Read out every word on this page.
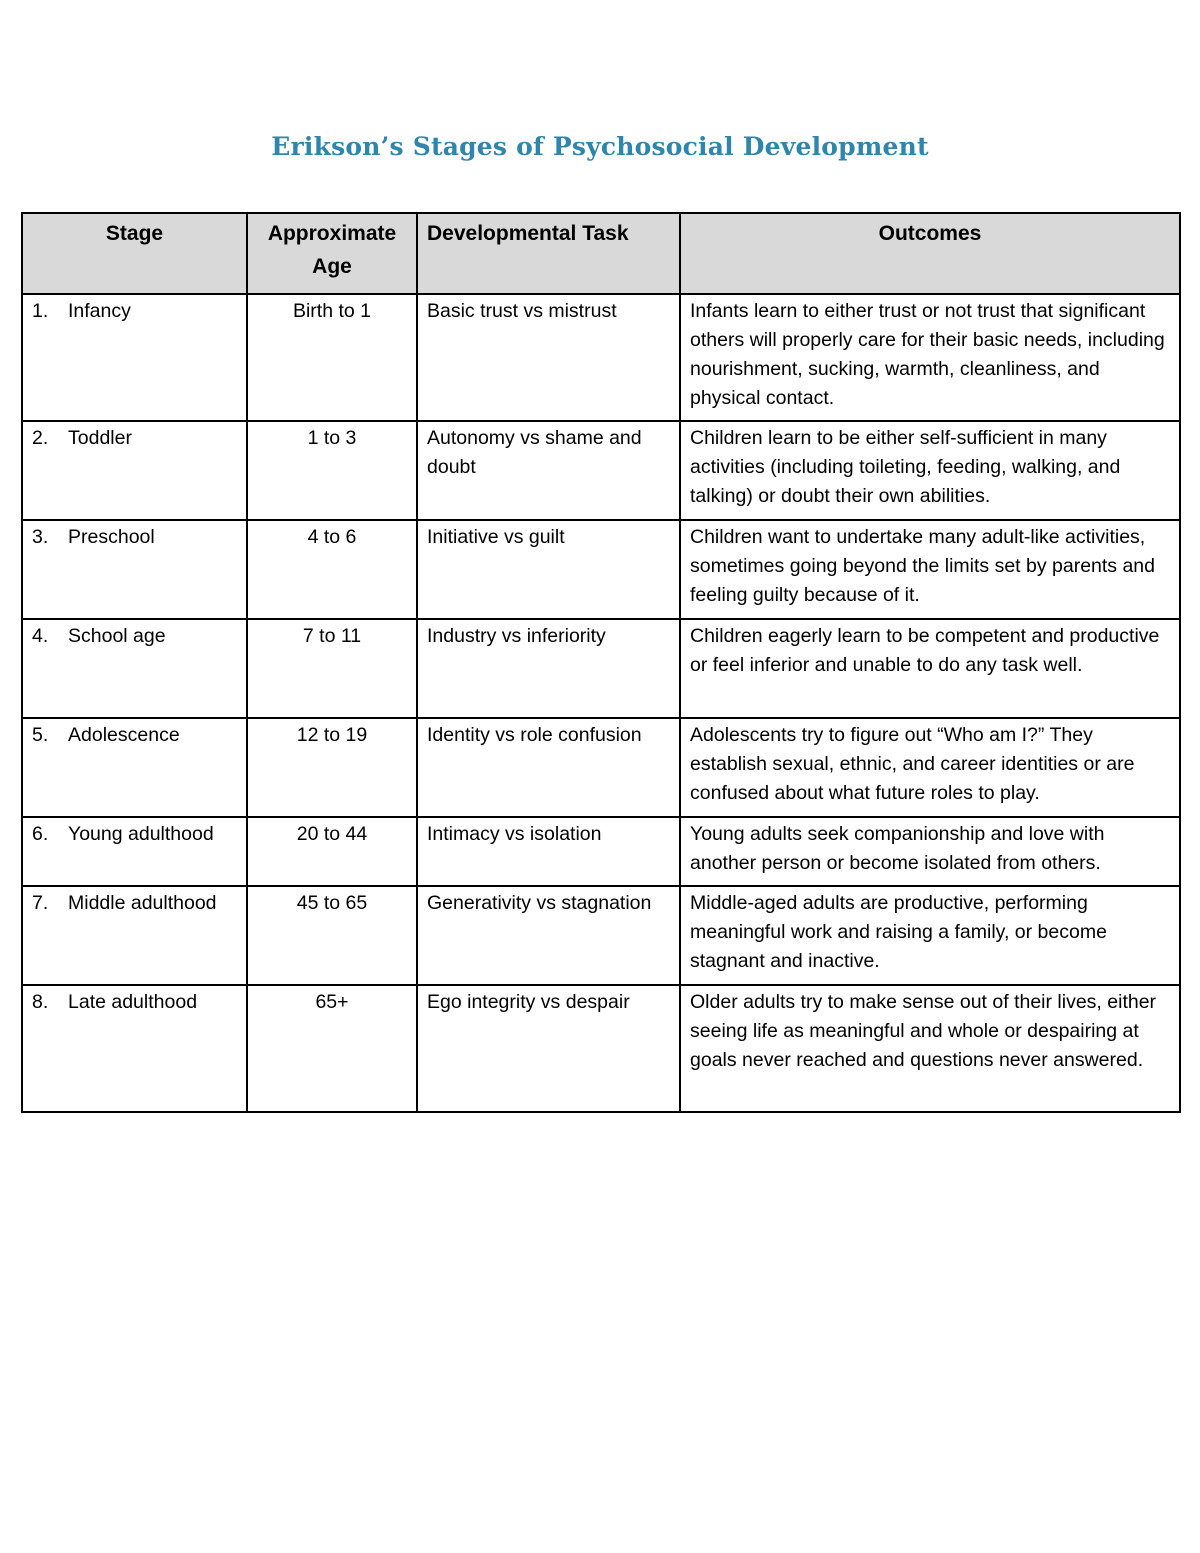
Erikson’s Stages of Psychosocial Development
Stage	Approximate Age	Developmental Task	Outcomes

1. Infancy	Birth to 1	Basic trust vs mistrust	Infants learn to either trust or not trust that significant others will properly care for their basic needs, including nourishment, sucking, warmth, cleanliness, and physical contact.

2. Toddler	1 to 3	Autonomy vs shame and doubt	Children learn to be either self-sufficient in many activities (including toileting, feeding, walking, and talking) or doubt their own abilities.

3. Preschool	4 to 6	Initiative vs guilt	Children want to undertake many adult-like activities, sometimes going beyond the limits set by parents and feeling guilty because of it.

4. School age	7 to 11	Industry vs inferiority	Children eagerly learn to be competent and productive or feel inferior and unable to do any task well.

5. Adolescence	12 to 19	Identity vs role confusion	Adolescents try to figure out “Who am I?” They establish sexual, ethnic, and career identities or are confused about what future roles to play.

6. Young adulthood	20 to 44	Intimacy vs isolation	Young adults seek companionship and love with another person or become isolated from others.

7. Middle adulthood	45 to 65	Generativity vs stagnation	Middle-aged adults are productive, performing meaningful work and raising a family, or become stagnant and inactive.

8. Late adulthood	65+	Ego integrity vs despair	Older adults try to make sense out of their lives, either seeing life as meaningful and whole or despairing at goals never reached and questions never answered.
